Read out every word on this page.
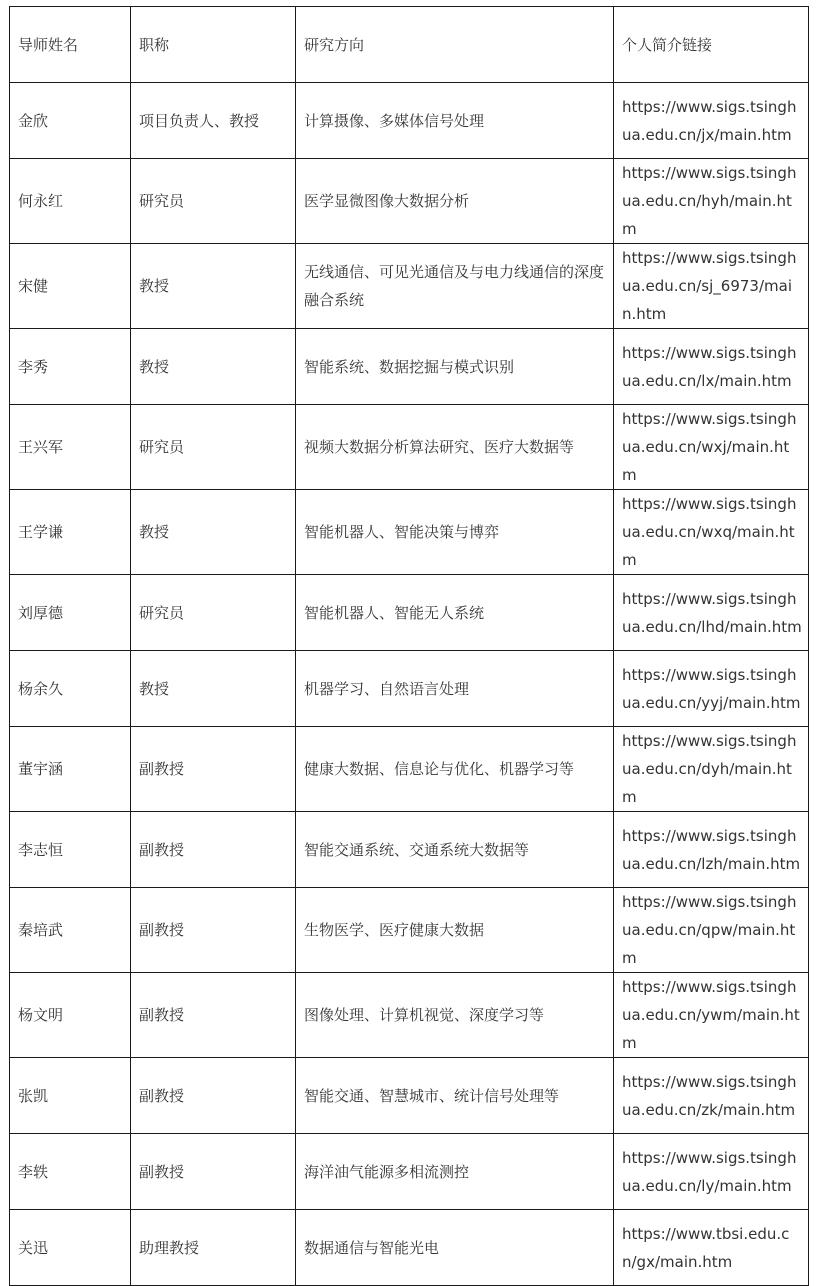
导师姓名	职称	研究方向	个人简介链接
金欣	项目负责人、教授	计算摄像、多媒体信号处理	https://www.sigs.tsinghua.edu.cn/jx/main.htm
何永红	研究员	医学显微图像大数据分析	https://www.sigs.tsinghua.edu.cn/hyh/main.htm
宋健	教授	无线通信、可见光通信及与电力线通信的深度融合系统	https://www.sigs.tsinghua.edu.cn/sj_6973/main.htm
李秀	教授	智能系统、数据挖掘与模式识别	https://www.sigs.tsinghua.edu.cn/lx/main.htm
王兴军	研究员	视频大数据分析算法研究、医疗大数据等	https://www.sigs.tsinghua.edu.cn/wxj/main.htm
王学谦	教授	智能机器人、智能决策与博弈	https://www.sigs.tsinghua.edu.cn/wxq/main.htm
刘厚德	研究员	智能机器人、智能无人系统	https://www.sigs.tsinghua.edu.cn/lhd/main.htm
杨余久	教授	机器学习、自然语言处理	https://www.sigs.tsinghua.edu.cn/yyj/main.htm
董宇涵	副教授	健康大数据、信息论与优化、机器学习等	https://www.sigs.tsinghua.edu.cn/dyh/main.htm
李志恒	副教授	智能交通系统、交通系统大数据等	https://www.sigs.tsinghua.edu.cn/lzh/main.htm
秦培武	副教授	生物医学、医疗健康大数据	https://www.sigs.tsinghua.edu.cn/qpw/main.htm
杨文明	副教授	图像处理、计算机视觉、深度学习等	https://www.sigs.tsinghua.edu.cn/ywm/main.htm
张凯	副教授	智能交通、智慧城市、统计信号处理等	https://www.sigs.tsinghua.edu.cn/zk/main.htm
李轶	副教授	海洋油气能源多相流测控	https://www.sigs.tsinghua.edu.cn/ly/main.htm
关迅	助理教授	数据通信与智能光电	https://www.tbsi.edu.cn/gx/main.htm
